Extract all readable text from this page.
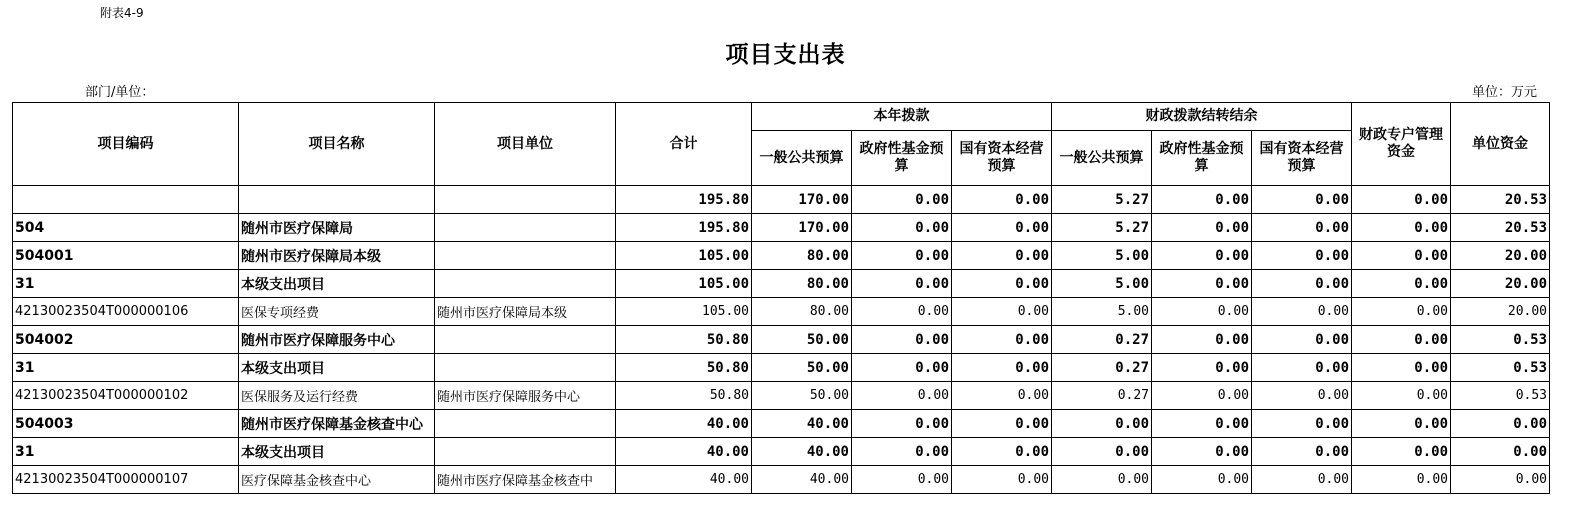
附表4-9
项目支出表
部门/单位：	单位：万元
项目编码	项目名称	项目单位	合计	本年拨款			财政拨款结转结余			财政专户管理资金	单位资金
				一般公共预算	政府性基金预算	国有资本经营预算	一般公共预算	政府性基金预算	国有资本经营预算		
			195.80	170.00	0.00	0.00	5.27	0.00	0.00	0.00	20.53
504	随州市医疗保障局		195.80	170.00	0.00	0.00	5.27	0.00	0.00	0.00	20.53
504001	随州市医疗保障局本级		105.00	80.00	0.00	0.00	5.00	0.00	0.00	0.00	20.00
31	本级支出项目		105.00	80.00	0.00	0.00	5.00	0.00	0.00	0.00	20.00
42130023504T000000106	医保专项经费	随州市医疗保障局本级	105.00	80.00	0.00	0.00	5.00	0.00	0.00	0.00	20.00
504002	随州市医疗保障服务中心		50.80	50.00	0.00	0.00	0.27	0.00	0.00	0.00	0.53
31	本级支出项目		50.80	50.00	0.00	0.00	0.27	0.00	0.00	0.00	0.53
42130023504T000000102	医保服务及运行经费	随州市医疗保障服务中心	50.80	50.00	0.00	0.00	0.27	0.00	0.00	0.00	0.53
504003	随州市医疗保障基金核查中心		40.00	40.00	0.00	0.00	0.00	0.00	0.00	0.00	0.00
31	本级支出项目		40.00	40.00	0.00	0.00	0.00	0.00	0.00	0.00	0.00
42130023504T000000107	医疗保障基金核查中心	随州市医疗保障基金核查中	40.00	40.00	0.00	0.00	0.00	0.00	0.00	0.00	0.00
